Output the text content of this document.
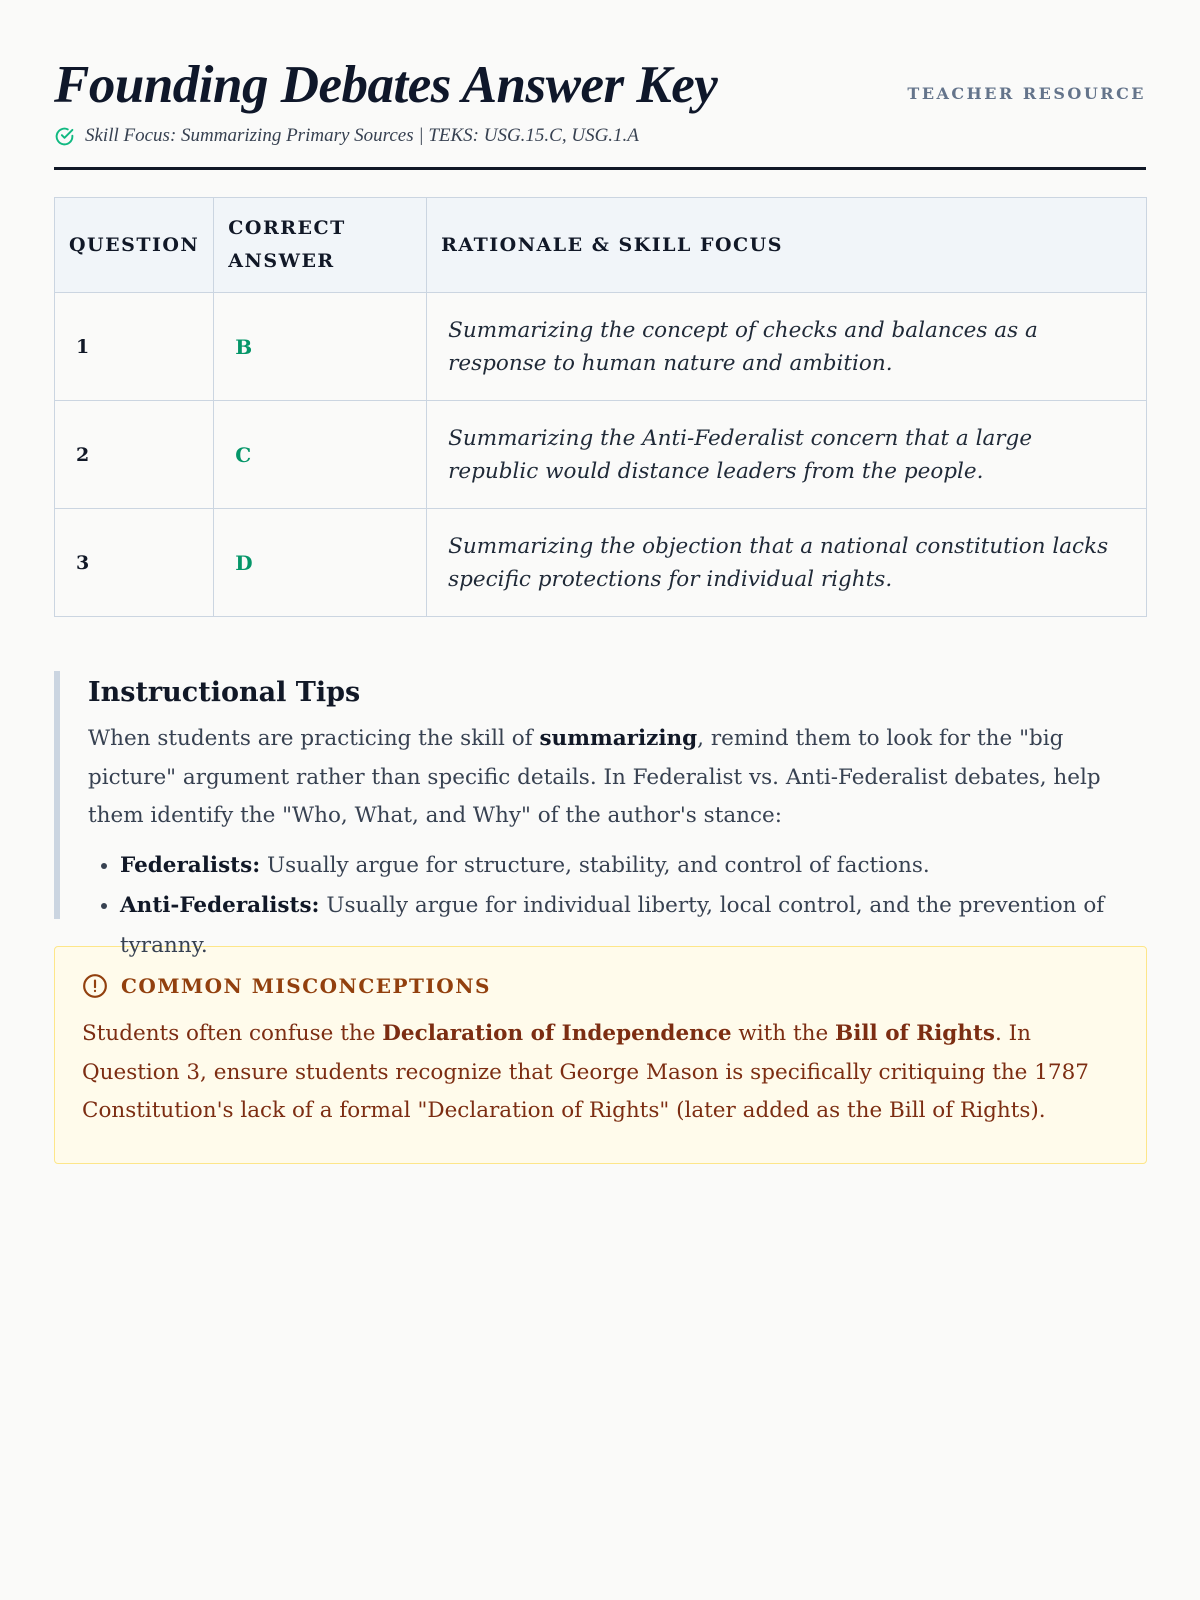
Founding Debates Answer Key	TEACHER RESOURCE
Skill Focus: Summarizing Primary Sources | TEKS: USG.15.C, USG.1.A
QUESTION	CORRECT ANSWER	RATIONALE & SKILL FOCUS
1	B	Summarizing the concept of checks and balances as a response to human nature and ambition.
2	C	Summarizing the Anti-Federalist concern that a large republic would distance leaders from the people.
3	D	Summarizing the objection that a national constitution lacks specific protections for individual rights.
Instructional Tips

When students are practicing the skill of summarizing, remind them to look for the "big picture" argument rather than specific details. In Federalist vs. Anti-Federalist debates, help them identify the "Who, What, and Why" of the author's stance:

• Federalists: Usually argue for structure, stability, and control of factions.
• Anti-Federalists: Usually argue for individual liberty, local control, and the prevention of tyranny.
COMMON MISCONCEPTIONS

Students often confuse the Declaration of Independence with the Bill of Rights. In Question 3, ensure students recognize that George Mason is specifically critiquing the 1787 Constitution's lack of a formal "Declaration of Rights" (later added as the Bill of Rights).
